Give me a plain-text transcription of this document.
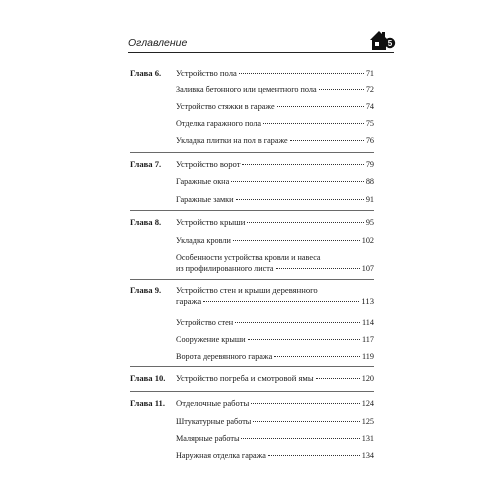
Оглавление	5
Глава 6.	Устройство пола	71
Заливка бетонного или цементного пола	72
Устройство стяжки в гараже	74
Отделка гаражного пола	75
Укладка плитки на пол в гараже	76
Глава 7.	Устройство ворот	79
Гаражные окна	88
Гаражные замки	91
Глава 8.	Устройство крыши	95
Укладка кровли	102
Особенности устройства кровли и навеса
из профилированного листа	107
Глава 9.	Устройство стен и крыши деревянного
гаража	113
Устройство стен	114
Сооружение крыши	117
Ворота деревянного гаража	119
Глава 10.	Устройство погреба и смотровой ямы	120
Глава 11.	Отделочные работы	124
Штукатурные работы	125
Малярные работы	131
Наружная отделка гаража	134
